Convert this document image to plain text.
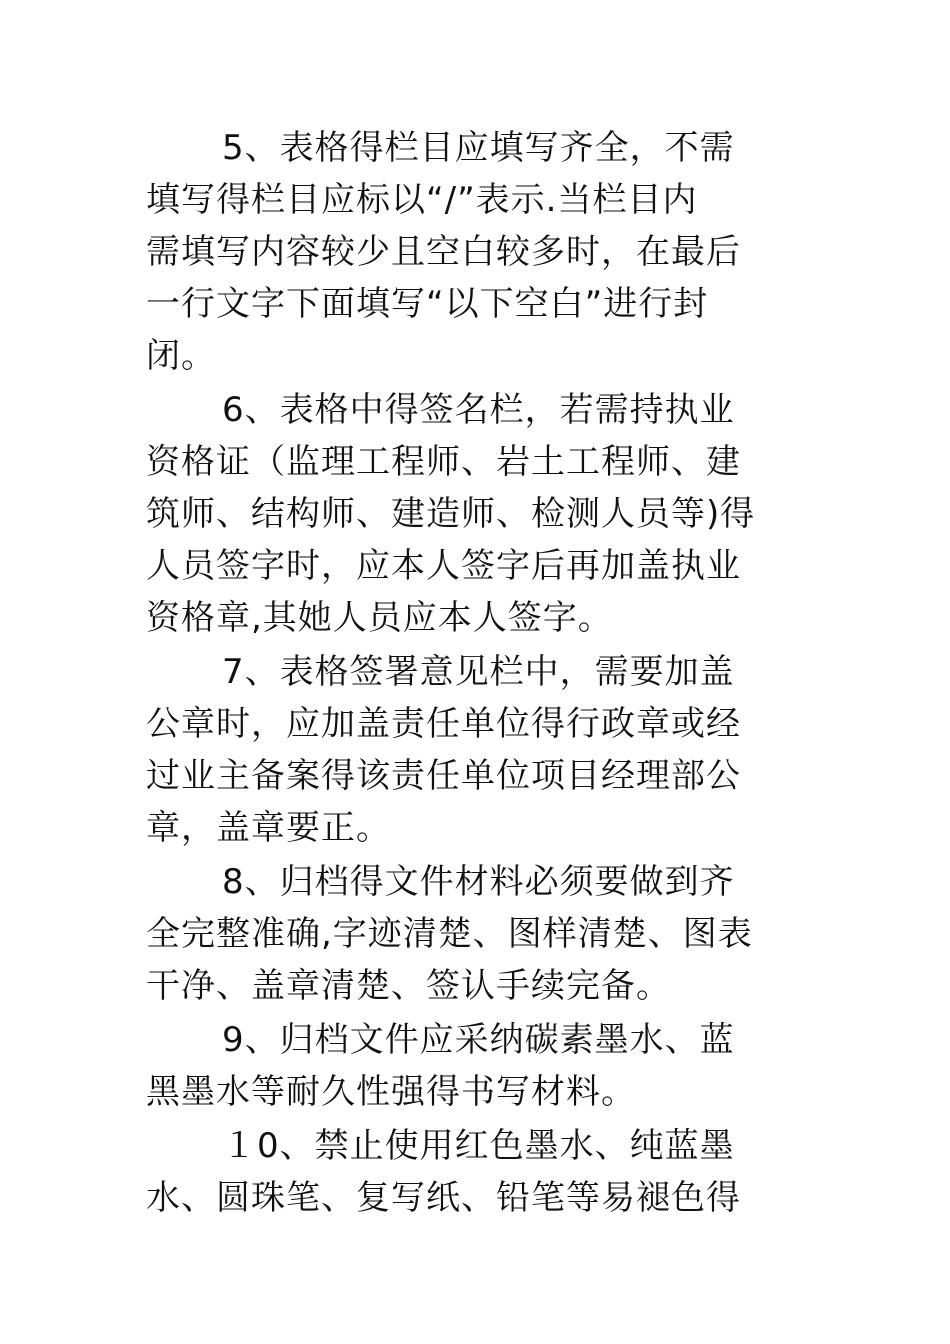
5、表格得栏目应填写齐全，不需
填写得栏目应标以“/”表示.当栏目内
需填写内容较少且空白较多时，在最后
一行文字下面填写“以下空白”进行封
闭。
6、表格中得签名栏，若需持执业
资格证（监理工程师、岩土工程师、建
筑师、结构师、建造师、检测人员等)得
人员签字时，应本人签字后再加盖执业
资格章,其她人员应本人签字。
7、表格签署意见栏中，需要加盖
公章时，应加盖责任单位得行政章或经
过业主备案得该责任单位项目经理部公
章，盖章要正。
8、归档得文件材料必须要做到齐
全完整准确,字迹清楚、图样清楚、图表
干净、盖章清楚、签认手续完备。
9、归档文件应采纳碳素墨水、蓝
黑墨水等耐久性强得书写材料。
１0、禁止使用红色墨水、纯蓝墨
水、圆珠笔、复写纸、铅笔等易褪色得
